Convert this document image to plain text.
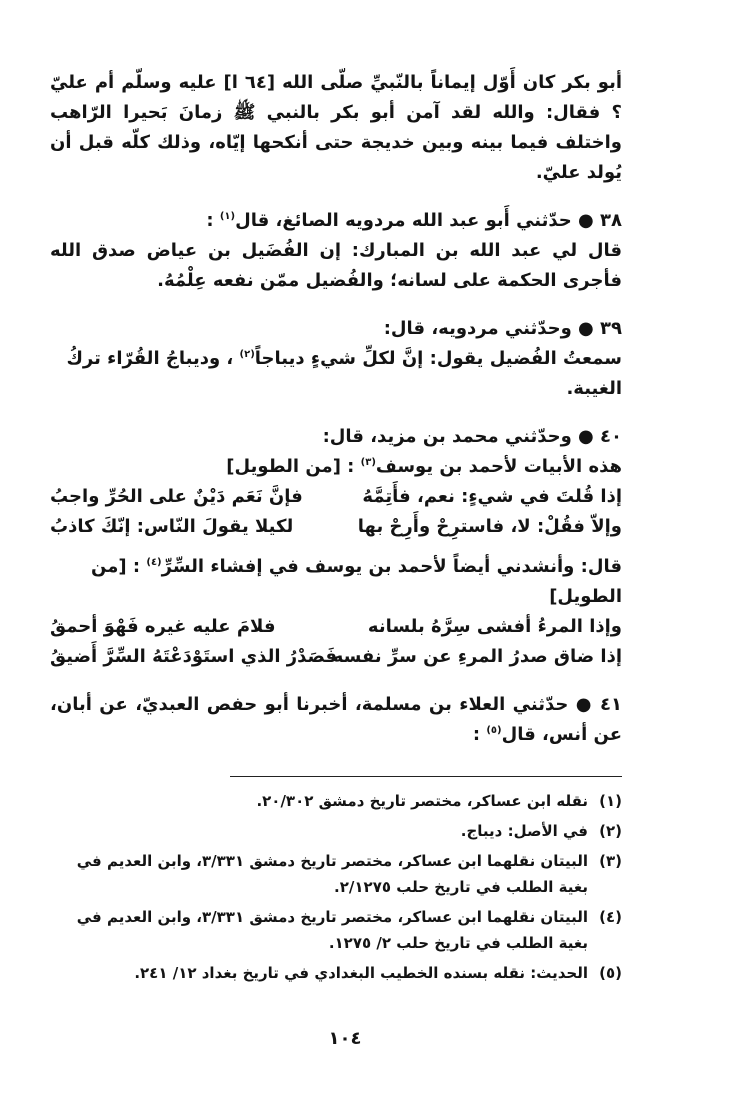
أبو بكر كان أَوّل إيماناً بالنّبيِّ صلّى الله [٦٤ ا] عليه وسلّم أم عليّ ؟ فقال: والله لقد آمن أبو بكر بالنبي ﷺ زمانَ بَحيرا الرّاهب واختلف فيما بينه وبين خديجة حتى أنكحها إيّاه، وذلك كلّه قبل أن يُولد عليّ.

٣٨ ● حدّثني أَبو عبد الله مردويه الصائغ، قال$^{(١)}$ :

قال لي عبد الله بن المبارك: إن الفُضَيل بن عياض صدق الله فأجرى الحكمة على لسانه؛ والفُضيل ممّن نفعه عِلْمُهُ.

٣٩ ● وحدّثني مردويه، قال:

سمعتُ الفُضيل يقول: إنَّ لكلِّ شيءٍ ديباجاً$^{(٢)}$ ، وديباجُ القُرّاء تركُ الغيبة.

٤٠ ● وحدّثني محمد بن مزيد، قال:

هذه الأبيات لأحمد بن يوسف$^{(٣)}$ : [من الطويل]

إذا قُلتَ في شيءٍ: نعم، فأَتِمَّهُ
فإنَّ نَعَم دَيْنٌ على الحُرِّ واجبُ
وإلاّ فقُلْ: لا، فاسترِحْ وأَرِحْ بها
لكيلا يقولَ النّاس: إنّكَ كاذبُ

قال: وأنشدني أيضاً لأحمد بن يوسف في إفشاء السِّرِّ$^{(٤)}$ : [من الطويل]

وإذا المرءُ أفشى سِرَّهُ بلسانه
فلامَ عليه غيره فَهْوَ أحمقُ
إذا ضاق صدرُ المرءِ عن سرِّ نفسه
فَصَدْرُ الذي استَوْدَعْتَهُ السِّرَّ أَضيقُ

٤١ ● حدّثني العلاء بن مسلمة، أخبرنا أبو حفص العبديّ، عن أبان، عن أنس، قال$^{(٥)}$ :

(١)
نقله ابن عساكر، مختصر تاريخ دمشق ٢٠/٣٠٢.
(٢)
في الأصل: ديباج.
(٣)
البيتان نقلهما ابن عساكر، مختصر تاريخ دمشق ٣/٣٣١، وابن العديم في بغية الطلب في تاريخ حلب ٢/١٢٧٥.
(٤)
البيتان نقلهما ابن عساكر، مختصر تاريخ دمشق ٣/٣٣١، وابن العديم في بغية الطلب في تاريخ حلب ٢/ ١٢٧٥.
(٥)
الحديث: نقله بسنده الخطيب البغدادي في تاريخ بغداد ١٢/ ٢٤١.
١٠٤
